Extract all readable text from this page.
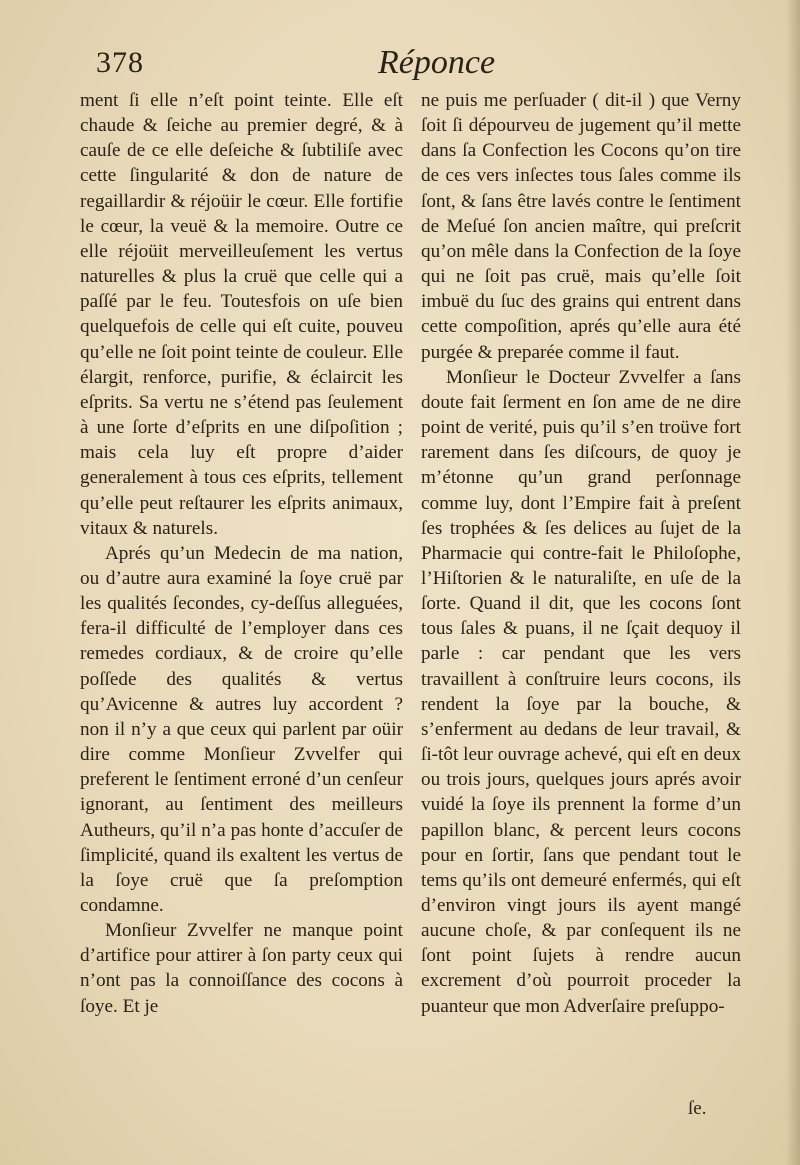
378	Réponce

ment ſi elle n’eſt point teinte. Elle eſt chaude & ſeiche au premier degré, & à cauſe de ce elle deſeiche & ſubtiliſe avec cette ſingularité & don de nature de regaillardir & réjoüir le cœur. Elle fortifie le cœur, la veuë & la memoire. Outre ce elle réjoüit merveilleuſement les vertus naturelles & plus la cruë que celle qui a paſſé par le feu. Toutesfois on uſe bien quelquefois de celle qui eſt cuite, pouveu qu’elle ne ſoit point teinte de couleur. Elle élargit, renforce, purifie, & éclaircit les eſprits. Sa vertu ne s’étend pas ſeulement à une ſorte d’eſprits en une diſpoſition ; mais cela luy eſt propre d’aider generalement à tous ces eſprits, tellement qu’elle peut reſtaurer les eſprits animaux, vitaux & naturels.

Aprés qu’un Medecin de ma nation, ou d’autre aura examiné la ſoye cruë par les qualités ſecondes, cy-deſſus alleguées, fera-il difficulté de l’employer dans ces remedes cordiaux, & de croire qu’elle poſſede des qualités & vertus qu’Avicenne & autres luy accordent ? non il n’y a que ceux qui parlent par oüir dire comme Monſieur Zvvelfer qui preferent le ſentiment erroné d’un cenſeur ignorant, au ſentiment des meilleurs Autheurs, qu’il n’a pas honte d’accuſer de ſimplicité, quand ils exaltent les vertus de la ſoye cruë que ſa preſomption condamne.

Monſieur Zvvelfer ne manque point d’artifice pour attirer à ſon party ceux qui n’ont pas la connoiſſance des cocons à ſoye. Et je

ne puis me perſuader ( dit-il ) que Verny ſoit ſi dépourveu de jugement qu’il mette dans ſa Confection les Cocons qu’on tire de ces vers inſectes tous ſales comme ils ſont, & ſans être lavés contre le ſentiment de Meſué ſon ancien maître, qui preſcrit qu’on mêle dans la Confection de la ſoye qui ne ſoit pas cruë, mais qu’elle ſoit imbuë du ſuc des grains qui entrent dans cette compoſition, aprés qu’elle aura été purgée & preparée comme il faut.

Monſieur le Docteur Zvvelfer a ſans doute fait ſerment en ſon ame de ne dire point de verité, puis qu’il s’en troüve fort rarement dans ſes diſcours, de quoy je m’étonne qu’un grand perſonnage comme luy, dont l’Empire fait à preſent ſes trophées & ſes delices au ſujet de la Pharmacie qui contre-fait le Philoſophe, l’Hiſtorien & le naturaliſte, en uſe de la ſorte. Quand il dit, que les cocons ſont tous ſales & puans, il ne ſçait dequoy il parle : car pendant que les vers travaillent à conſtruire leurs cocons, ils rendent la ſoye par la bouche, & s’enferment au dedans de leur travail, & ſi-tôt leur ouvrage achevé, qui eſt en deux ou trois jours, quelques jours aprés avoir vuidé la ſoye ils prennent la forme d’un papillon blanc, & percent leurs cocons pour en ſortir, ſans que pendant tout le tems qu’ils ont demeuré enfermés, qui eſt d’environ vingt jours ils ayent mangé aucune choſe, & par conſequent ils ne ſont point ſujets à rendre aucun excrement d’où pourroit proceder la puanteur que mon Adverſaire preſuppo-

ſe.
